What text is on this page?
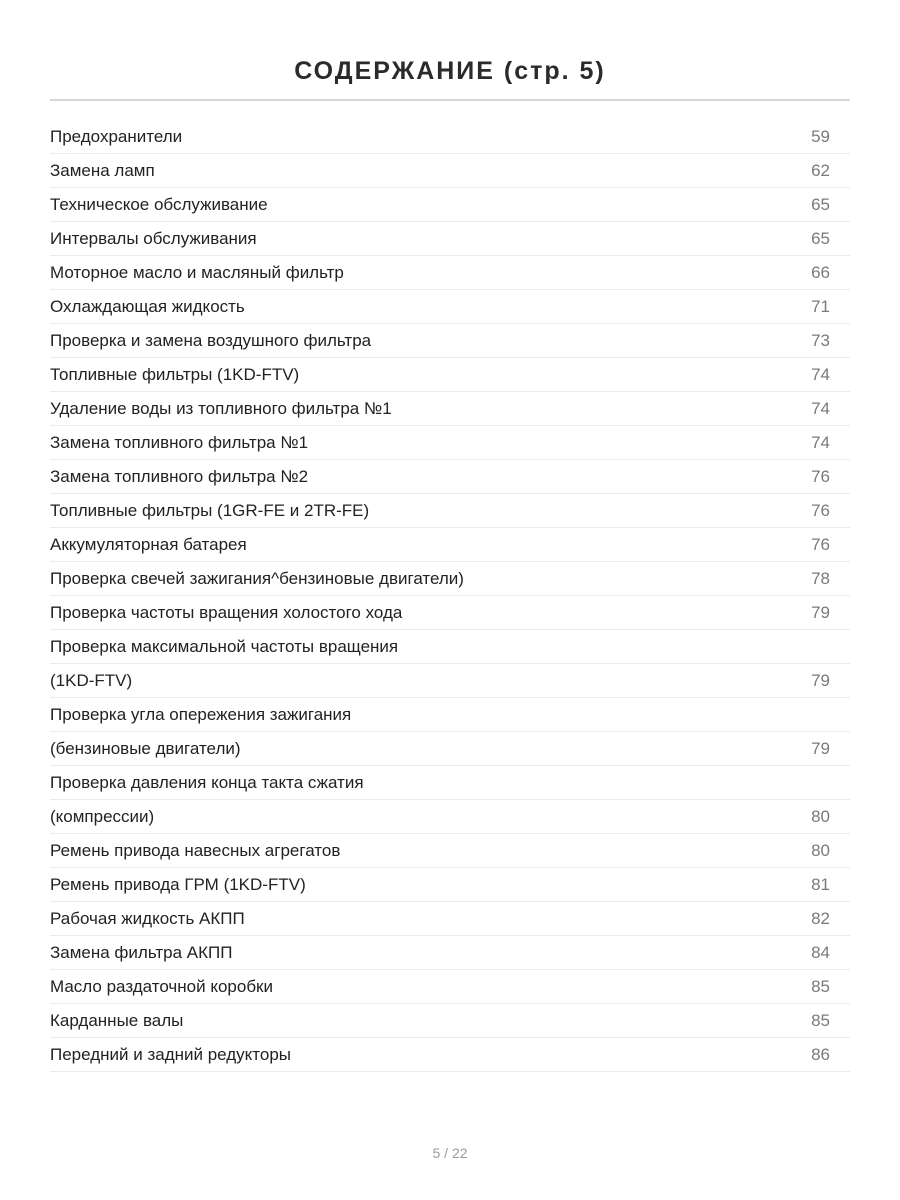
СОДЕРЖАНИЕ (стр. 5)
Предохранители	59
Замена ламп	62
Техническое обслуживание	65
Интервалы обслуживания	65
Моторное масло и масляный фильтр	66
Охлаждающая жидкость	71
Проверка и замена воздушного фильтра	73
Топливные фильтры (1KD-FTV)	74
Удаление воды из топливного фильтра №1	74
Замена топливного фильтра №1	74
Замена топливного фильтра №2	76
Топливные фильтры (1GR-FE и 2TR-FE)	76
Аккумуляторная батарея	76
Проверка свечей зажигания^бензиновые двигатели)	78
Проверка частоты вращения холостого хода	79
Проверка максимальной частоты вращения
(1KD-FTV)	79
Проверка угла опережения зажигания
(бензиновые двигатели)	79
Проверка давления конца такта сжатия
(компрессии)	80
Ремень привода навесных агрегатов	80
Ремень привода ГРМ (1KD-FTV)	81
Рабочая жидкость АКПП	82
Замена фильтра АКПП	84
Масло раздаточной коробки	85
Карданные валы	85
Передний и задний редукторы	86
5 / 22
